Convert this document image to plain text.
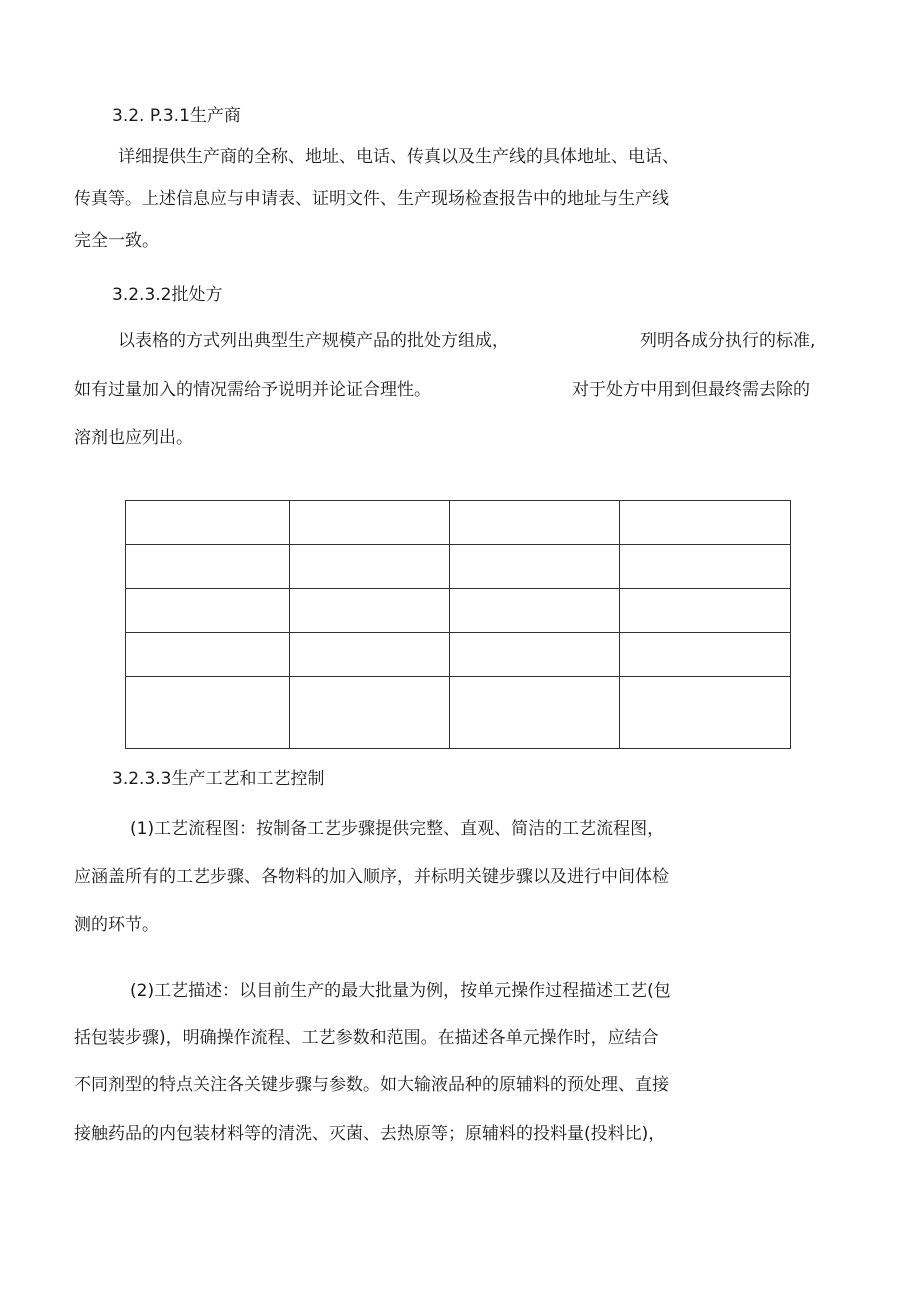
3.2. P.3.1生产商
详细提供生产商的全称、地址、电话、传真以及生产线的具体地址、电话、
传真等。上述信息应与申请表、证明文件、生产现场检查报告中的地址与生产线
完全一致。
3.2.3.2批处方
以表格的方式列出典型生产规模产品的批处方组成，	列明各成分执行的标准,
如有过量加入的情况需给予说明并论证合理性。	对于处方中用到但最终需去除的
溶剂也应列出。

3.2.3.3生产工艺和工艺控制
(1)工艺流程图：按制备工艺步骤提供完整、直观、简洁的工艺流程图，
应涵盖所有的工艺步骤、各物料的加入顺序，并标明关键步骤以及进行中间体检
测的环节。
(2)工艺描述：以目前生产的最大批量为例，按单元操作过程描述工艺(包
括包装步骤)，明确操作流程、工艺参数和范围。在描述各单元操作时，应结合
不同剂型的特点关注各关键步骤与参数。如大输液品种的原辅料的预处理、直接
接触药品的内包装材料等的清洗、灭菌、去热原等；原辅料的投料量(投料比)，
